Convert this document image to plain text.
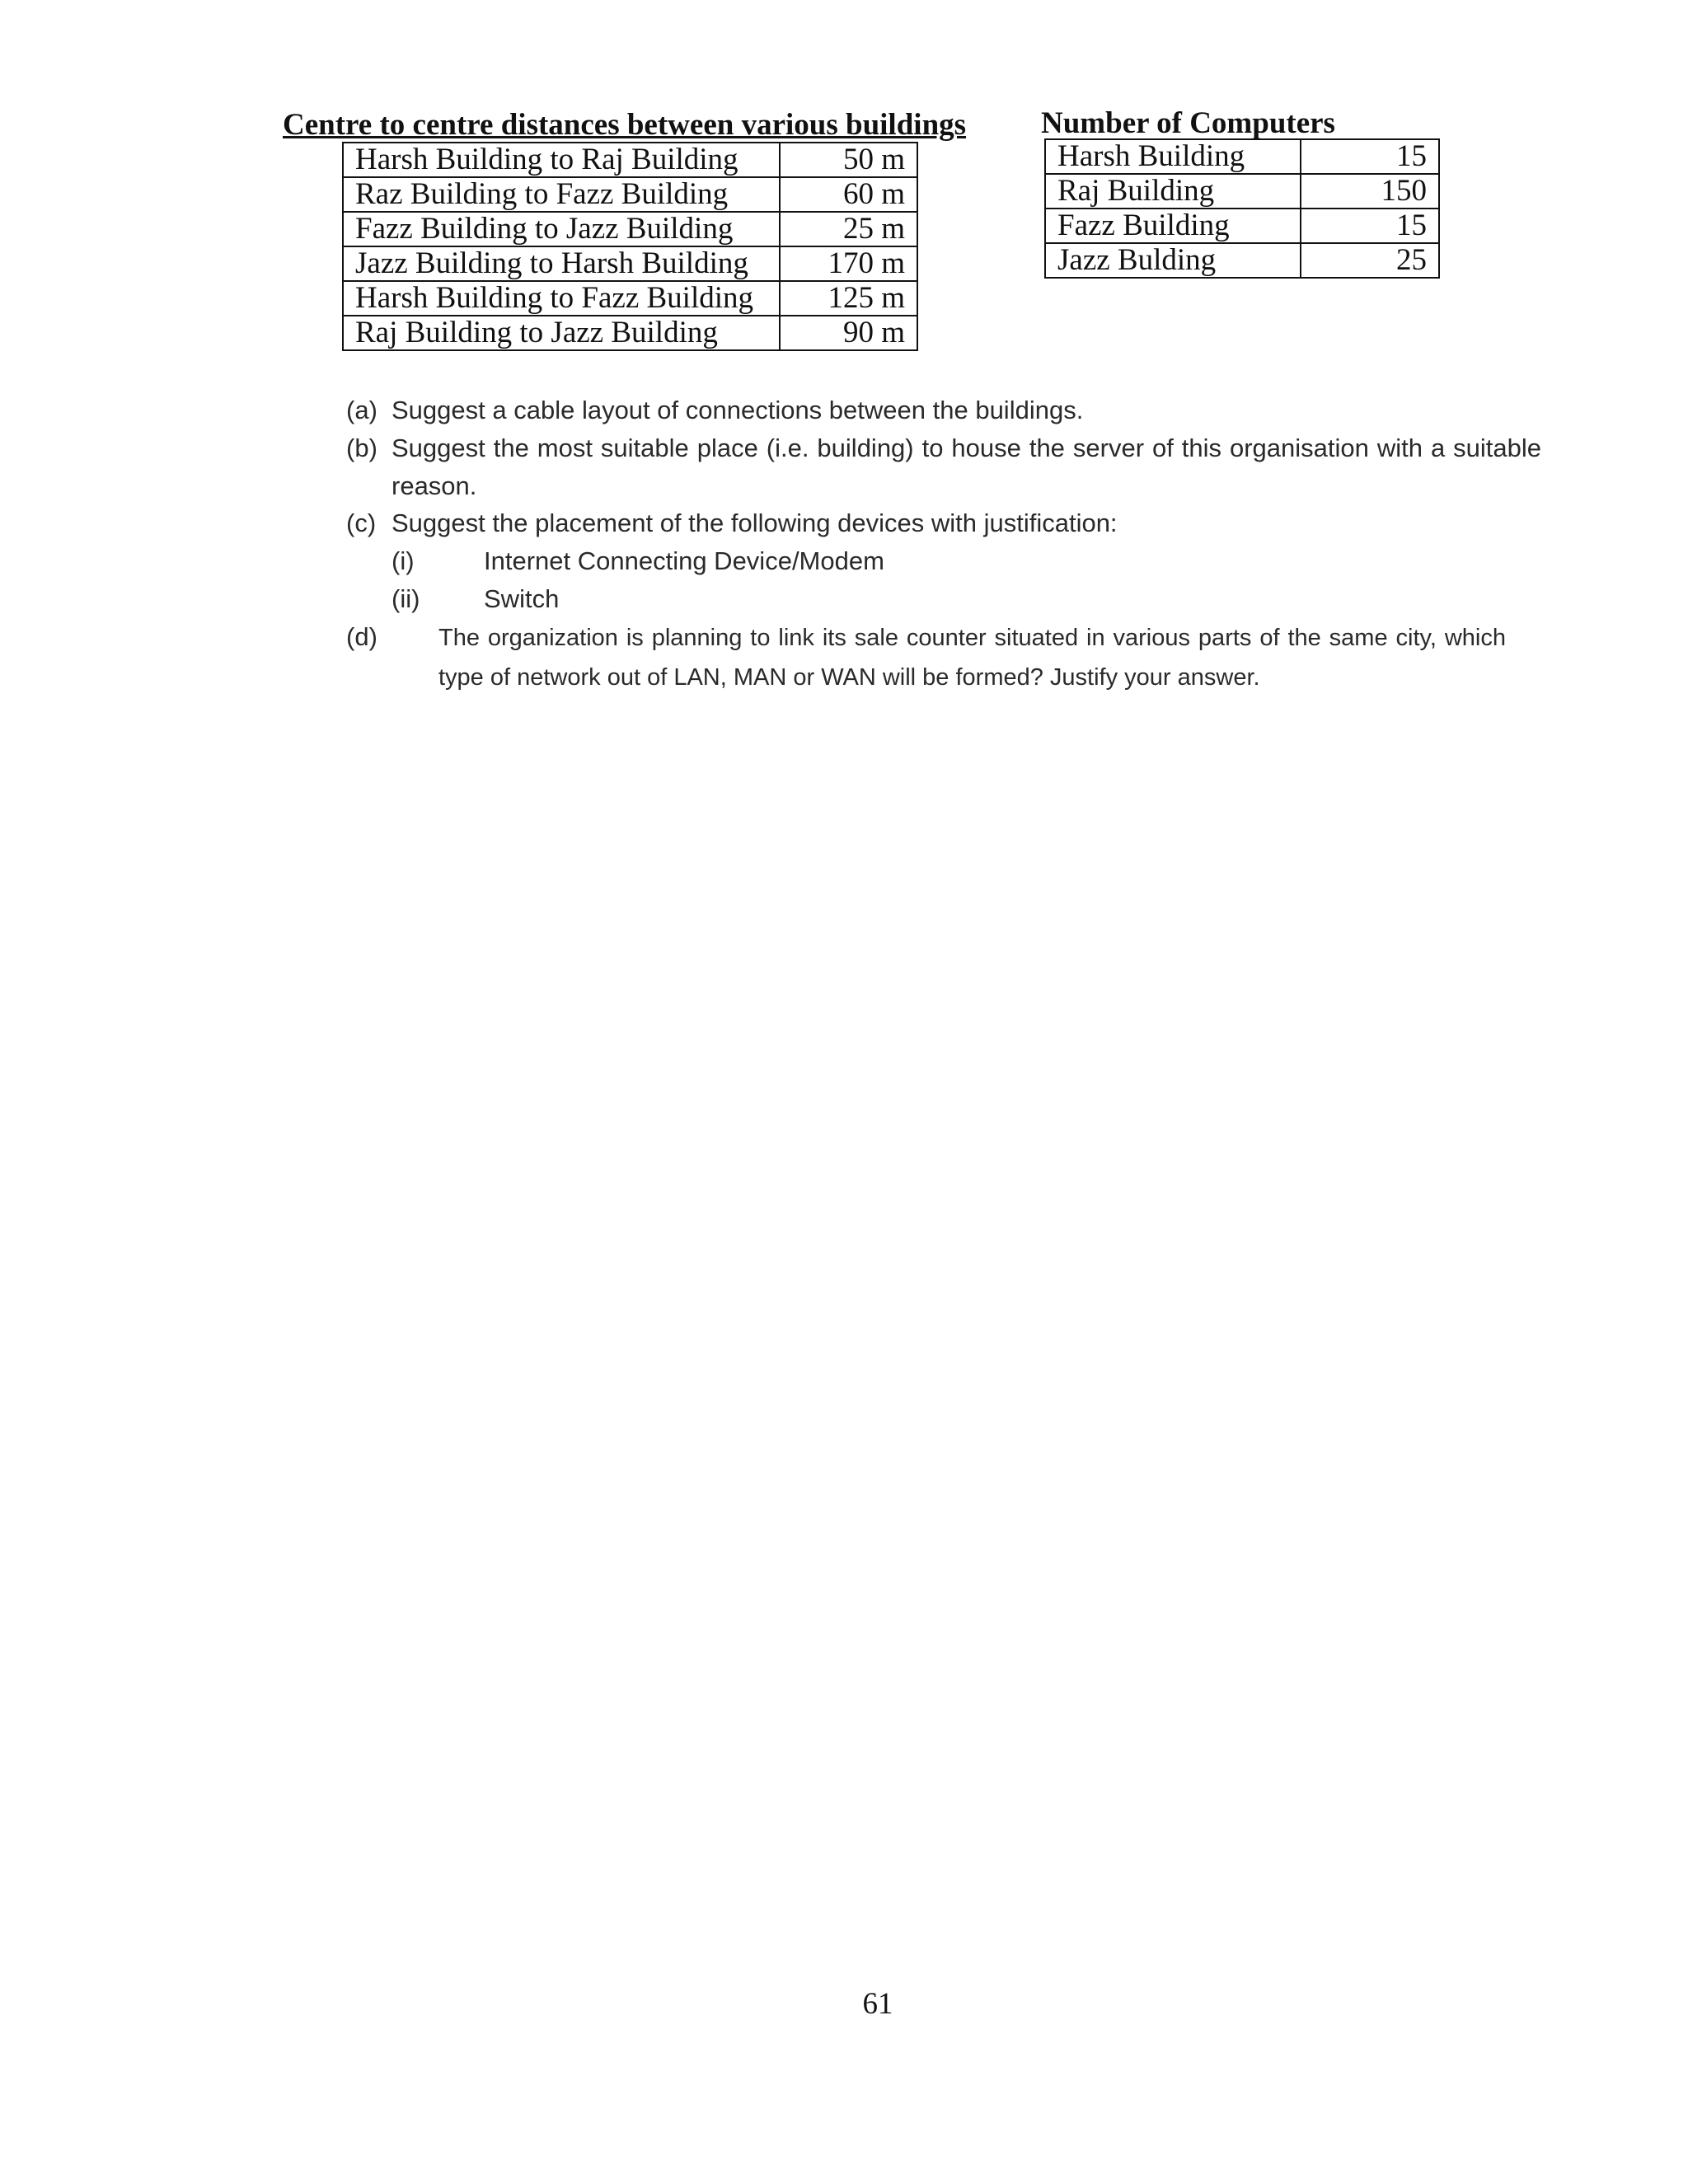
Centre to centre distances between various buildings
Harsh Building to Raj Building	50 m
Raz Building to Fazz Building	60 m
Fazz Building to Jazz Building	25 m
Jazz Building to Harsh Building	170 m
Harsh Building to Fazz Building	125 m
Raj Building to Jazz Building	90 m
Number of Computers
Harsh Building	15
Raj Building	150
Fazz Building	15
Jazz Bulding	25
(a) Suggest a cable layout of connections between the buildings.
(b) Suggest the most suitable place (i.e. building) to house the server of this organisation with a suitable reason.
(c) Suggest the placement of the following devices with justification:
(i)	Internet Connecting Device/Modem
(ii)	Switch
(d)	The organization is planning to link its sale counter situated in various parts of the same city, which type of network out of LAN, MAN or WAN will be formed? Justify your answer.
61
